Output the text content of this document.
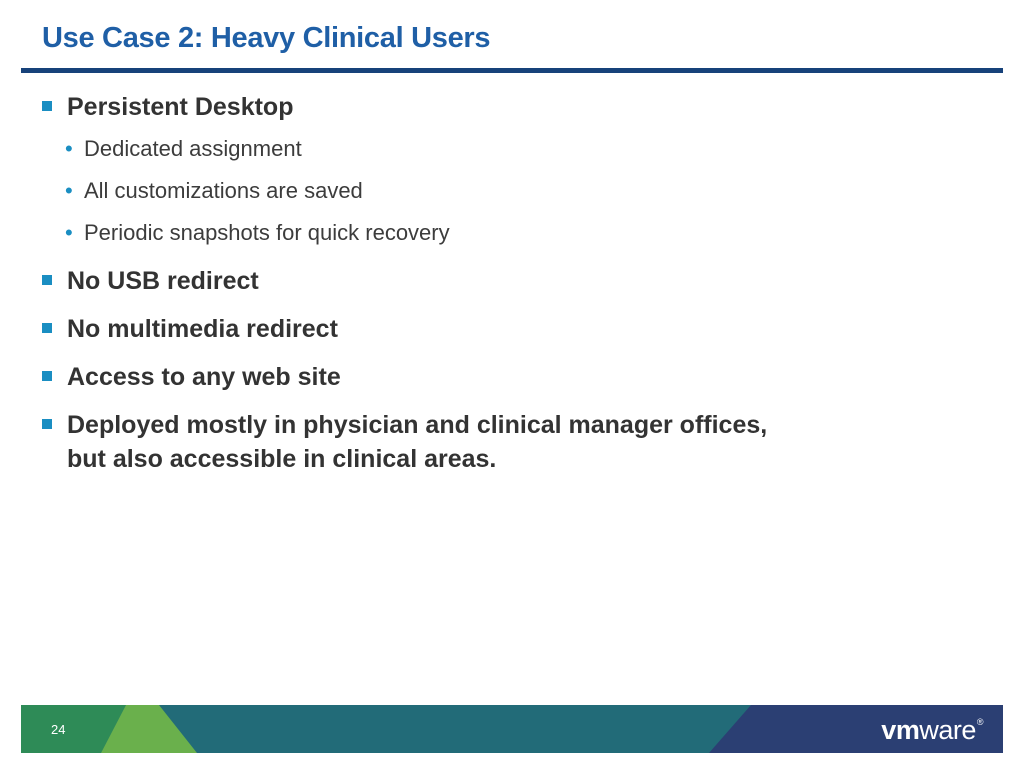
Use Case 2: Heavy Clinical Users
Persistent Desktop
• Dedicated assignment
• All customizations are saved
• Periodic snapshots for quick recovery
No USB redirect
No multimedia redirect
Access to any web site
Deployed mostly in physician and clinical manager offices,
but also accessible in clinical areas.
24	vmware®
